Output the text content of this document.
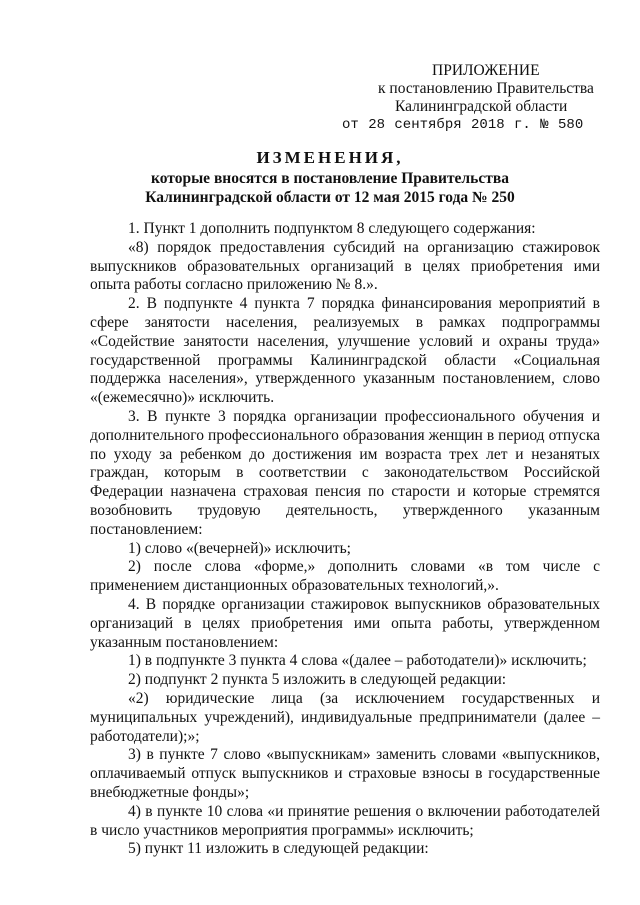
ПРИЛОЖЕНИЕ
к постановлению Правительства
Калининградской области
от 28 сентября 2018 г. № 580
ИЗМЕНЕНИЯ,
которые вносятся в постановление Правительства
Калининградской области от 12 мая 2015 года № 250

1. Пункт 1 дополнить подпунктом 8 следующего содержания:

«8) порядок предоставления субсидий на организацию стажировок выпускников образовательных организаций в целях приобретения ими опыта работы согласно приложению № 8.».

2. В подпункте 4 пункта 7 порядка финансирования мероприятий в сфере занятости населения, реализуемых в рамках подпрограммы «Содействие занятости населения, улучшение условий и охраны труда» государственной программы Калининградской области «Социальная поддержка населения», утвержденного указанным постановлением, слово «(ежемесячно)» исключить.

3. В пункте 3 порядка организации профессионального обучения и дополнительного профессионального образования женщин в период отпуска по уходу за ребенком до достижения им возраста трех лет и незанятых граждан, которым в соответствии с законодательством Российской Федерации назначена страховая пенсия по старости и которые стремятся возобновить трудовую деятельность, утвержденного указанным постановлением:

1) слово «(вечерней)» исключить;

2) после слова «форме,» дополнить словами «в том числе с применением дистанционных образовательных технологий,».

4. В порядке организации стажировок выпускников образовательных организаций в целях приобретения ими опыта работы, утвержденном указанным постановлением:

1) в подпункте 3 пункта 4 слова «(далее – работодатели)» исключить;

2) подпункт 2 пункта 5 изложить в следующей редакции:

«2) юридические лица (за исключением государственных и муниципальных учреждений), индивидуальные предприниматели (далее – работодатели);»;

3) в пункте 7 слово «выпускникам» заменить словами «выпускников, оплачиваемый отпуск выпускников и страховые взносы в государственные внебюджетные фонды»;

4) в пункте 10 слова «и принятие решения о включении работодателей в число участников мероприятия программы» исключить;

5) пункт 11 изложить в следующей редакции:
